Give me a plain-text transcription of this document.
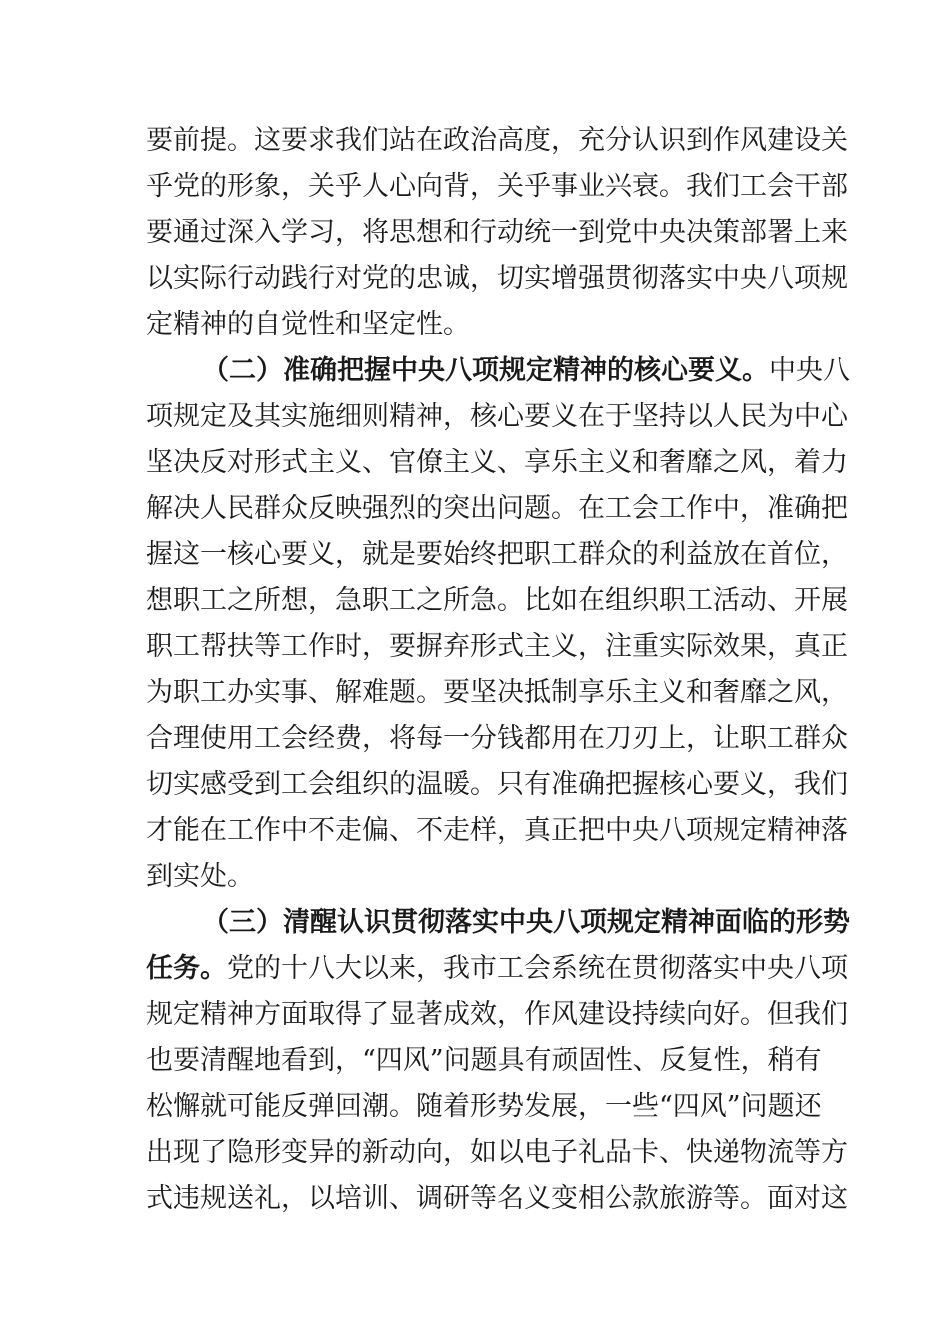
要前提。这要求我们站在政治高度，充分认识到作风建设关
乎党的形象，关乎人心向背，关乎事业兴衰。我们工会干部
要通过深入学习，将思想和行动统一到党中央决策部署上来
以实际行动践行对党的忠诚，切实增强贯彻落实中央八项规
定精神的自觉性和坚定性。
（二）准确把握中央八项规定精神的核心要义。中央八
项规定及其实施细则精神，核心要义在于坚持以人民为中心
坚决反对形式主义、官僚主义、享乐主义和奢靡之风，着力
解决人民群众反映强烈的突出问题。在工会工作中，准确把
握这一核心要义，就是要始终把职工群众的利益放在首位，
想职工之所想，急职工之所急。比如在组织职工活动、开展
职工帮扶等工作时，要摒弃形式主义，注重实际效果，真正
为职工办实事、解难题。要坚决抵制享乐主义和奢靡之风，
合理使用工会经费，将每一分钱都用在刀刃上，让职工群众
切实感受到工会组织的温暖。只有准确把握核心要义，我们
才能在工作中不走偏、不走样，真正把中央八项规定精神落
到实处。
（三）清醒认识贯彻落实中央八项规定精神面临的形势
任务。党的十八大以来，我市工会系统在贯彻落实中央八项
规定精神方面取得了显著成效，作风建设持续向好。但我们
也要清醒地看到，“四风”问题具有顽固性、反复性，稍有
松懈就可能反弹回潮。随着形势发展，一些“四风”问题还
出现了隐形变异的新动向，如以电子礼品卡、快递物流等方
式违规送礼，以培训、调研等名义变相公款旅游等。面对这
